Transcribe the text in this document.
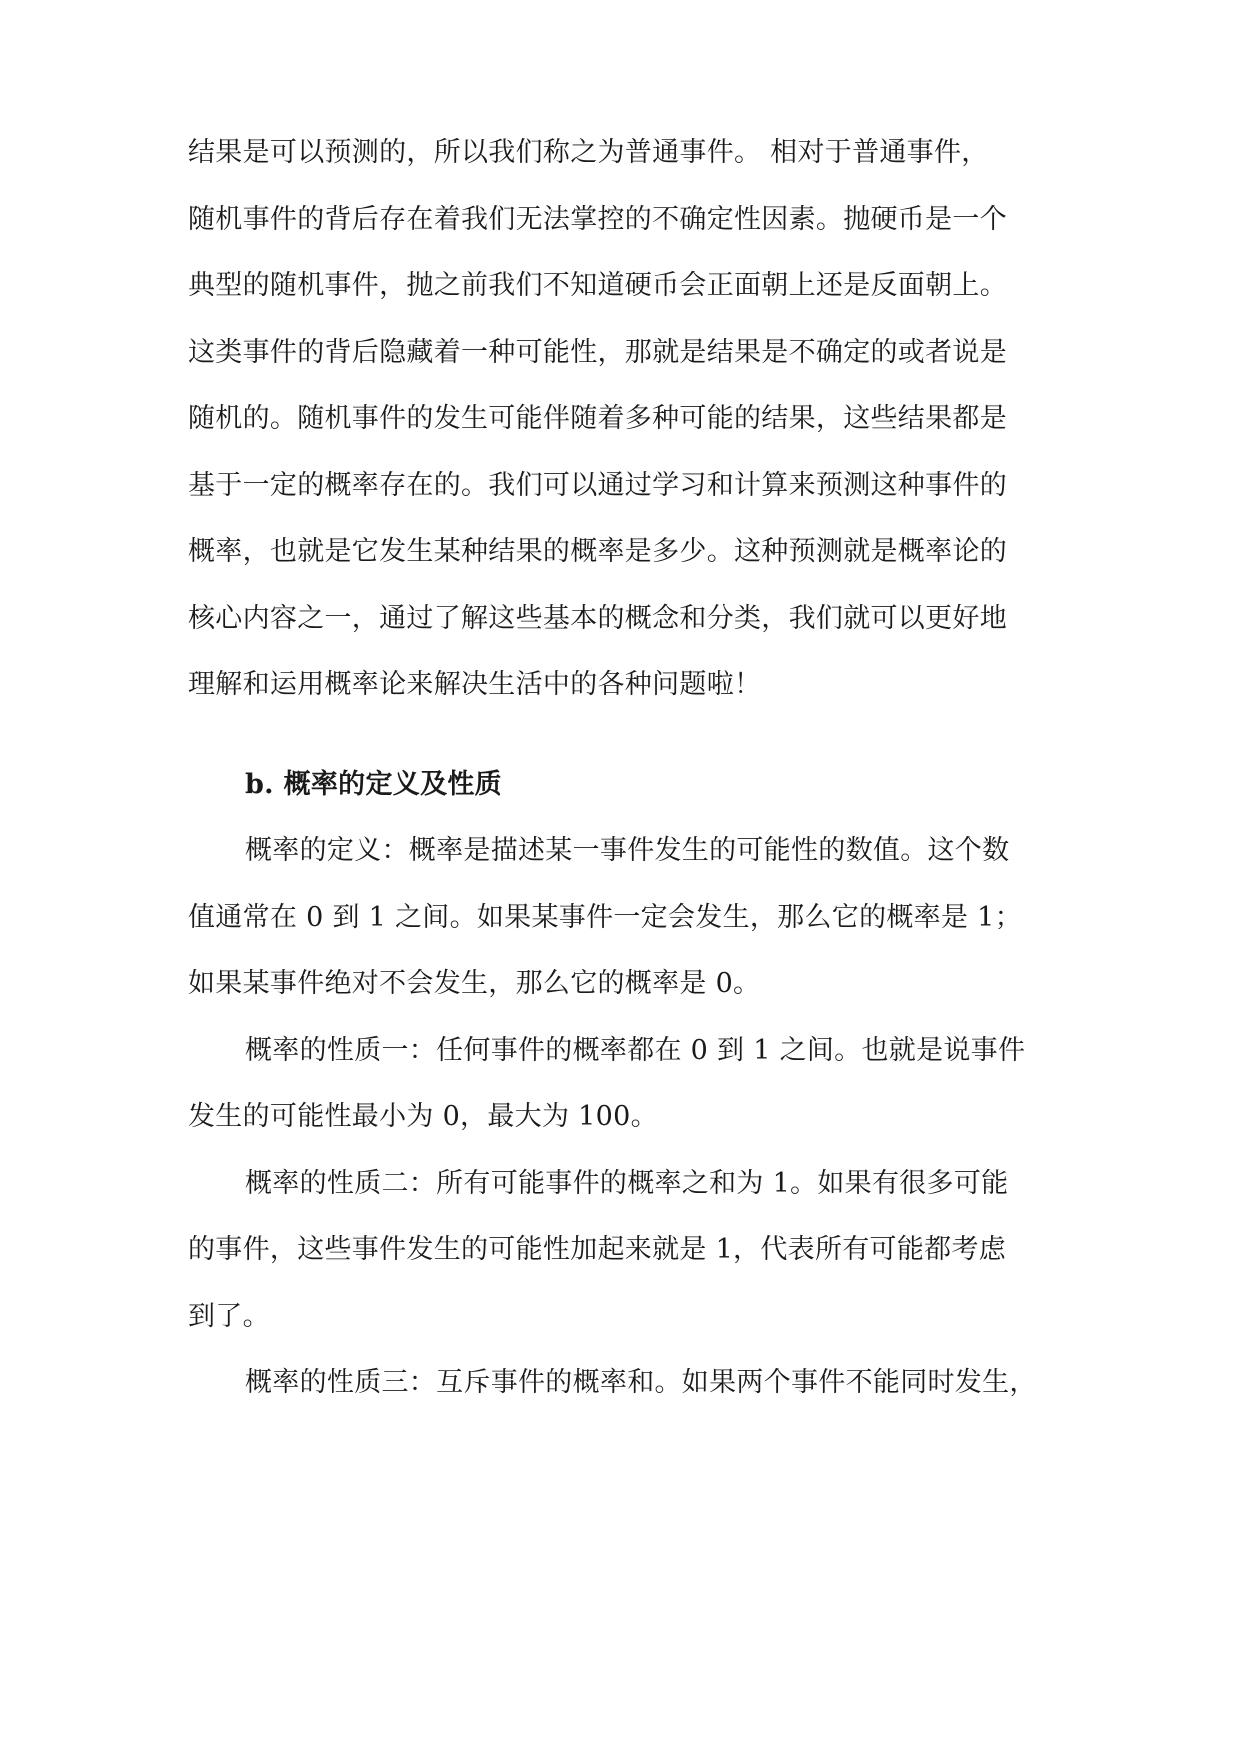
结果是可以预测的，所以我们称之为普通事件。 相对于普通事件，
随机事件的背后存在着我们无法掌控的不确定性因素。抛硬币是一个
典型的随机事件，抛之前我们不知道硬币会正面朝上还是反面朝上。
这类事件的背后隐藏着一种可能性，那就是结果是不确定的或者说是
随机的。随机事件的发生可能伴随着多种可能的结果，这些结果都是
基于一定的概率存在的。我们可以通过学习和计算来预测这种事件的
概率，也就是它发生某种结果的概率是多少。这种预测就是概率论的
核心内容之一，通过了解这些基本的概念和分类，我们就可以更好地
理解和运用概率论来解决生活中的各种问题啦！
b. 概率的定义及性质
概率的定义：概率是描述某一事件发生的可能性的数值。这个数
值通常在 0 到 1 之间。如果某事件一定会发生，那么它的概率是 1；
如果某事件绝对不会发生，那么它的概率是 0。
概率的性质一：任何事件的概率都在 0 到 1 之间。也就是说事件
发生的可能性最小为 0，最大为 100。
概率的性质二：所有可能事件的概率之和为 1。如果有很多可能
的事件，这些事件发生的可能性加起来就是 1，代表所有可能都考虑
到了。
概率的性质三：互斥事件的概率和。如果两个事件不能同时发生，
